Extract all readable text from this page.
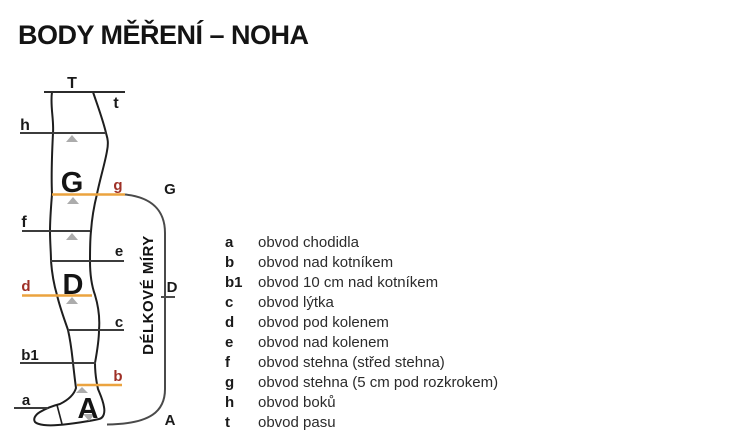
BODY MĚŘENÍ – NOHA
T
t
h
G g
f
e
d D
c
b1
b
a A
G
D
A
DÉLKOVÉ MÍRY	a	obvod chodidla
b	obvod nad kotníkem
b1	obvod 10 cm nad kotníkem
c	obvod lýtka
d	obvod pod kolenem
e	obvod nad kolenem
f	obvod stehna (střed stehna)
g	obvod stehna (5 cm pod rozkrokem)
h	obvod boků
t	obvod pasu
